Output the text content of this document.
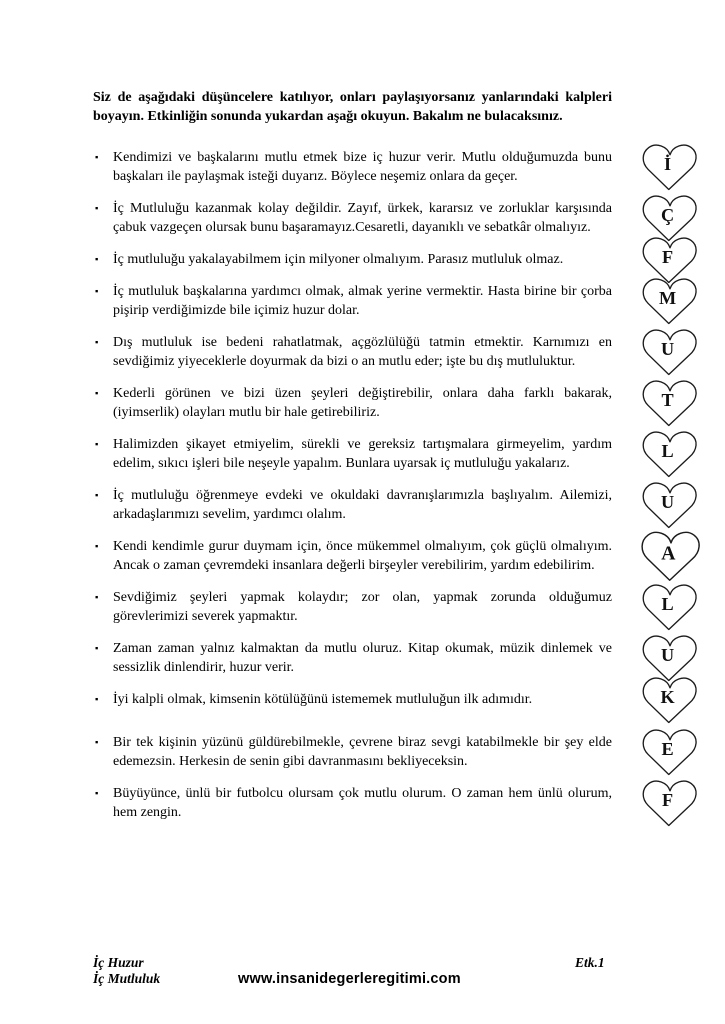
Siz de aşağıdaki düşüncelere katılıyor, onları paylaşıyorsanız yanlarındaki kalpleri boyayın. Etkinliğin sonunda yukardan aşağı okuyun. Bakalım ne bulacaksınız.

▪ Kendimizi ve başkalarını mutlu etmek bize iç huzur verir. Mutlu olduğumuzda bunu başkaları ile paylaşmak isteği duyarız. Böylece neşemiz onlara da geçer.

İ
▪ İç Mutluluğu kazanmak kolay değildir. Zayıf, ürkek, kararsız ve zorluklar karşısında çabuk vazgeçen olursak bunu başaramayız.Cesaretli, dayanıklı ve sebatkâr olmalıyız.

Ç
▪ İç mutluluğu yakalayabilmem için milyoner olmalıyım. Parasız mutluluk olmaz.	F
▪ İç mutluluk başkalarına yardımcı olmak, almak yerine vermektir. Hasta birine bir çorba pişirip verdiğimizde bile içimiz huzur dolar.

M
▪ Dış mutluluk ise bedeni rahatlatmak, açgözlülüğü tatmin etmektir. Karnımızı en sevdiğimiz yiyeceklerle doyurmak da bizi o an mutlu eder; işte bu dış mutluluktur.

U
▪ Kederli görünen ve bizi üzen şeyleri değiştirebilir, onlara daha farklı bakarak, (iyimserlik) olayları mutlu bir hale getirebiliriz.

T
▪ Halimizden şikayet etmiyelim, sürekli ve gereksiz tartışmalara girmeyelim, yardım edelim, sıkıcı işleri bile neşeyle yapalım. Bunlara uyarsak iç mutluluğu yakalarız.

L
▪ İç mutluluğu öğrenmeye evdeki ve okuldaki davranışlarımızla başlıyalım. Ailemizi, arkadaşlarımızı sevelim, yardımcı olalım.

U
▪ Kendi kendimle gurur duymam için, önce mükemmel olmalıyım, çok güçlü olmalıyım. Ancak o zaman çevremdeki insanlara değerli birşeyler verebilirim, yardım edebilirim.

A
▪ Sevdiğimiz şeyleri yapmak kolaydır; zor olan, yapmak zorunda olduğumuz görevlerimizi severek yapmaktır.

L
▪ Zaman zaman yalnız kalmaktan da mutlu oluruz. Kitap okumak, müzik dinlemek ve sessizlik dinlendirir, huzur verir.

U
▪ İyi kalpli olmak, kimsenin kötülüğünü istememek mutluluğun ilk adımıdır.	K
▪ Bir tek kişinin yüzünü güldürebilmekle, çevrene biraz sevgi katabilmekle bir şey elde edemezsin. Herkesin de senin gibi davranmasını bekliyeceksin.

E
▪ Büyüyünce, ünlü bir futbolcu olursam çok mutlu olurum. O zaman hem ünlü olurum, hem zengin.

F
İç Huzur
İç Mutluluk	www.insanidegerleregitimi.com
Etk.1
